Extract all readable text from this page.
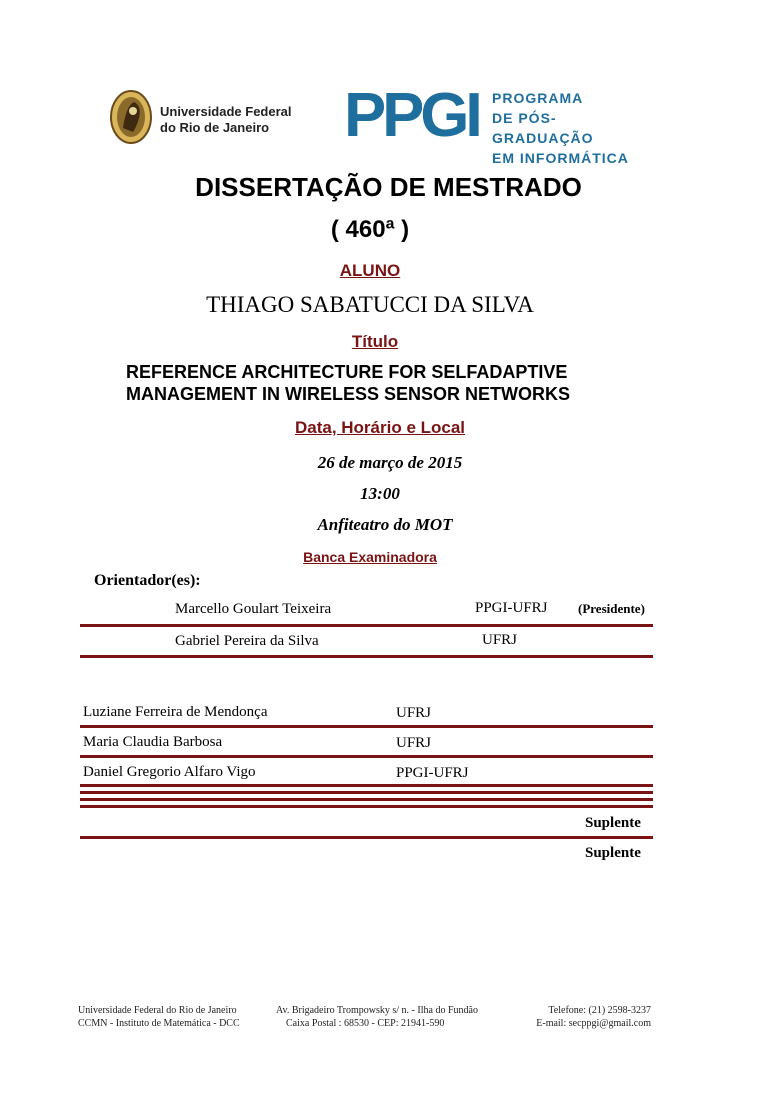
Universidade Federal
do Rio de Janeiro	PPGI PROGRAMA
DE PÓS-GRADUAÇÃO
EM INFORMÁTICA
DISSERTAÇÃO DE MESTRADO
( 460ª )
ALUNO
THIAGO SABATUCCI DA SILVA
Título
REFERENCE ARCHITECTURE FOR SELFADAPTIVE
MANAGEMENT IN WIRELESS SENSOR NETWORKS
Data, Horário e Local
26 de março de 2015
13:00
Anfiteatro do MOT
Banca Examinadora
Orientador(es):
Marcello Goulart Teixeira	PPGI-UFRJ (Presidente)
Gabriel Pereira da Silva	UFRJ
Luziane Ferreira de Mendonça	UFRJ
Maria Claudia Barbosa	UFRJ
Daniel Gregorio Alfaro Vigo	PPGI-UFRJ
Suplente
Suplente
Universidade Federal do Rio de Janeiro
CCMN - Instituto de Matemática - DCC
Av. Brigadeiro Trompowsky s/ n. - Ilha do Fundão
Caixa Postal : 68530 - CEP: 21941-590
Telefone: (21) 2598-3237
E-mail: secppgi@gmail.com
